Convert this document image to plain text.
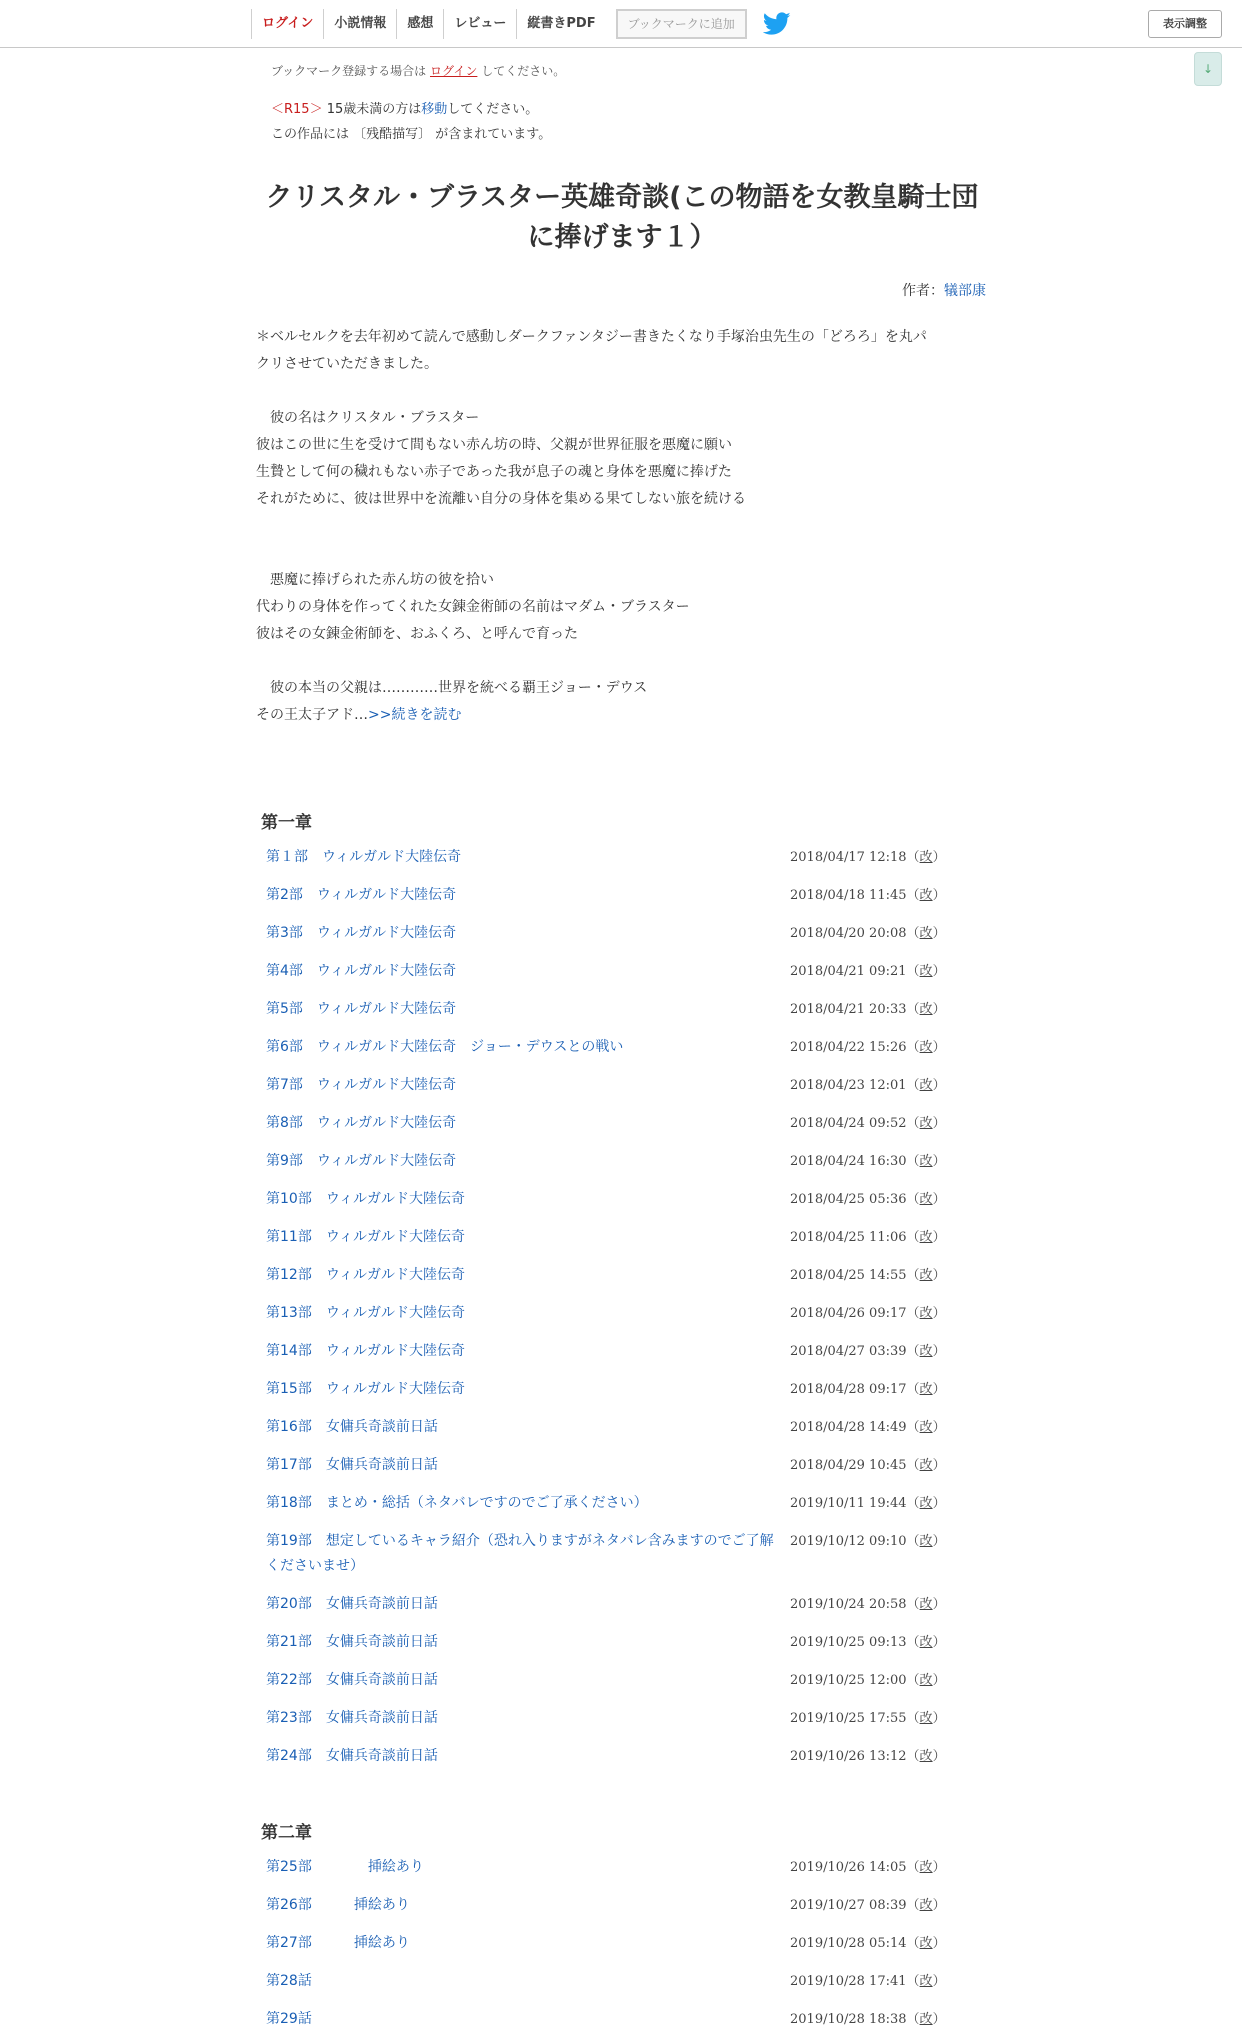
ログイン	小説情報	感想	レビュー	縦書きPDF	ブックマークに追加	表示調整
↓
ブックマーク登録する場合は ログイン してください。
＜R15＞ 15歳未満の方は移動してください。
この作品には 〔残酷描写〕 が含まれています。
クリスタル・ブラスター英雄奇談(この物語を女教皇騎士団
に捧げます１）
作者：犠部康
＊ベルセルクを去年初めて読んで感動しダークファンタジー書きたくなり手塚治虫先生の「どろろ」を丸パ
クリさせていただきました。
　彼の名はクリスタル・ブラスター
彼はこの世に生を受けて間もない赤ん坊の時、父親が世界征服を悪魔に願い
生贄として何の穢れもない赤子であった我が息子の魂と身体を悪魔に捧げた
それがために、彼は世界中を流離い自分の身体を集める果てしない旅を続ける
　悪魔に捧げられた赤ん坊の彼を拾い
代わりの身体を作ってくれた女錬金術師の名前はマダム・ブラスター
彼はその女錬金術師を、おふくろ、と呼んで育った
　彼の本当の父親は…………世界を統べる覇王ジョー・デウス
その王太子アド…>>続きを読む
第一章
第二章
第１部　ウィルガルド大陸伝奇	2018/04/17 12:18（改）
第2部　ウィルガルド大陸伝奇	2018/04/18 11:45（改）
第3部　ウィルガルド大陸伝奇	2018/04/20 20:08（改）
第4部　ウィルガルド大陸伝奇	2018/04/21 09:21（改）
第5部　ウィルガルド大陸伝奇	2018/04/21 20:33（改）
第6部　ウィルガルド大陸伝奇　ジョー・デウスとの戦い	2018/04/22 15:26（改）
第7部　ウィルガルド大陸伝奇	2018/04/23 12:01（改）
第8部　ウィルガルド大陸伝奇	2018/04/24 09:52（改）
第9部　ウィルガルド大陸伝奇	2018/04/24 16:30（改）
第10部　ウィルガルド大陸伝奇	2018/04/25 05:36（改）
第11部　ウィルガルド大陸伝奇	2018/04/25 11:06（改）
第12部　ウィルガルド大陸伝奇	2018/04/25 14:55（改）
第13部　ウィルガルド大陸伝奇	2018/04/26 09:17（改）
第14部　ウィルガルド大陸伝奇	2018/04/27 03:39（改）
第15部　ウィルガルド大陸伝奇	2018/04/28 09:17（改）
第16部　女傭兵奇談前日話	2018/04/28 14:49（改）
第17部　女傭兵奇談前日話	2018/04/29 10:45（改）
第18部　まとめ・総括（ネタバレですのでご了承ください）	2019/10/11 19:44（改）
第19部　想定しているキャラ紹介（恐れ入りますがネタバレ含みますのでご了解くださいませ）
2019/10/12 09:10（改）
第20部　女傭兵奇談前日話	2019/10/24 20:58（改）
第21部　女傭兵奇談前日話	2019/10/25 09:13（改）
第22部　女傭兵奇談前日話	2019/10/25 12:00（改）
第23部　女傭兵奇談前日話	2019/10/25 17:55（改）
第24部　女傭兵奇談前日話	2019/10/26 13:12（改）
第25部　　　　挿絵あり	2019/10/26 14:05（改）
第26部　　　挿絵あり	2019/10/27 08:39（改）
第27部　　　挿絵あり	2019/10/28 05:14（改）
第28話	2019/10/28 17:41（改）
第29話	2019/10/28 18:38（改）
